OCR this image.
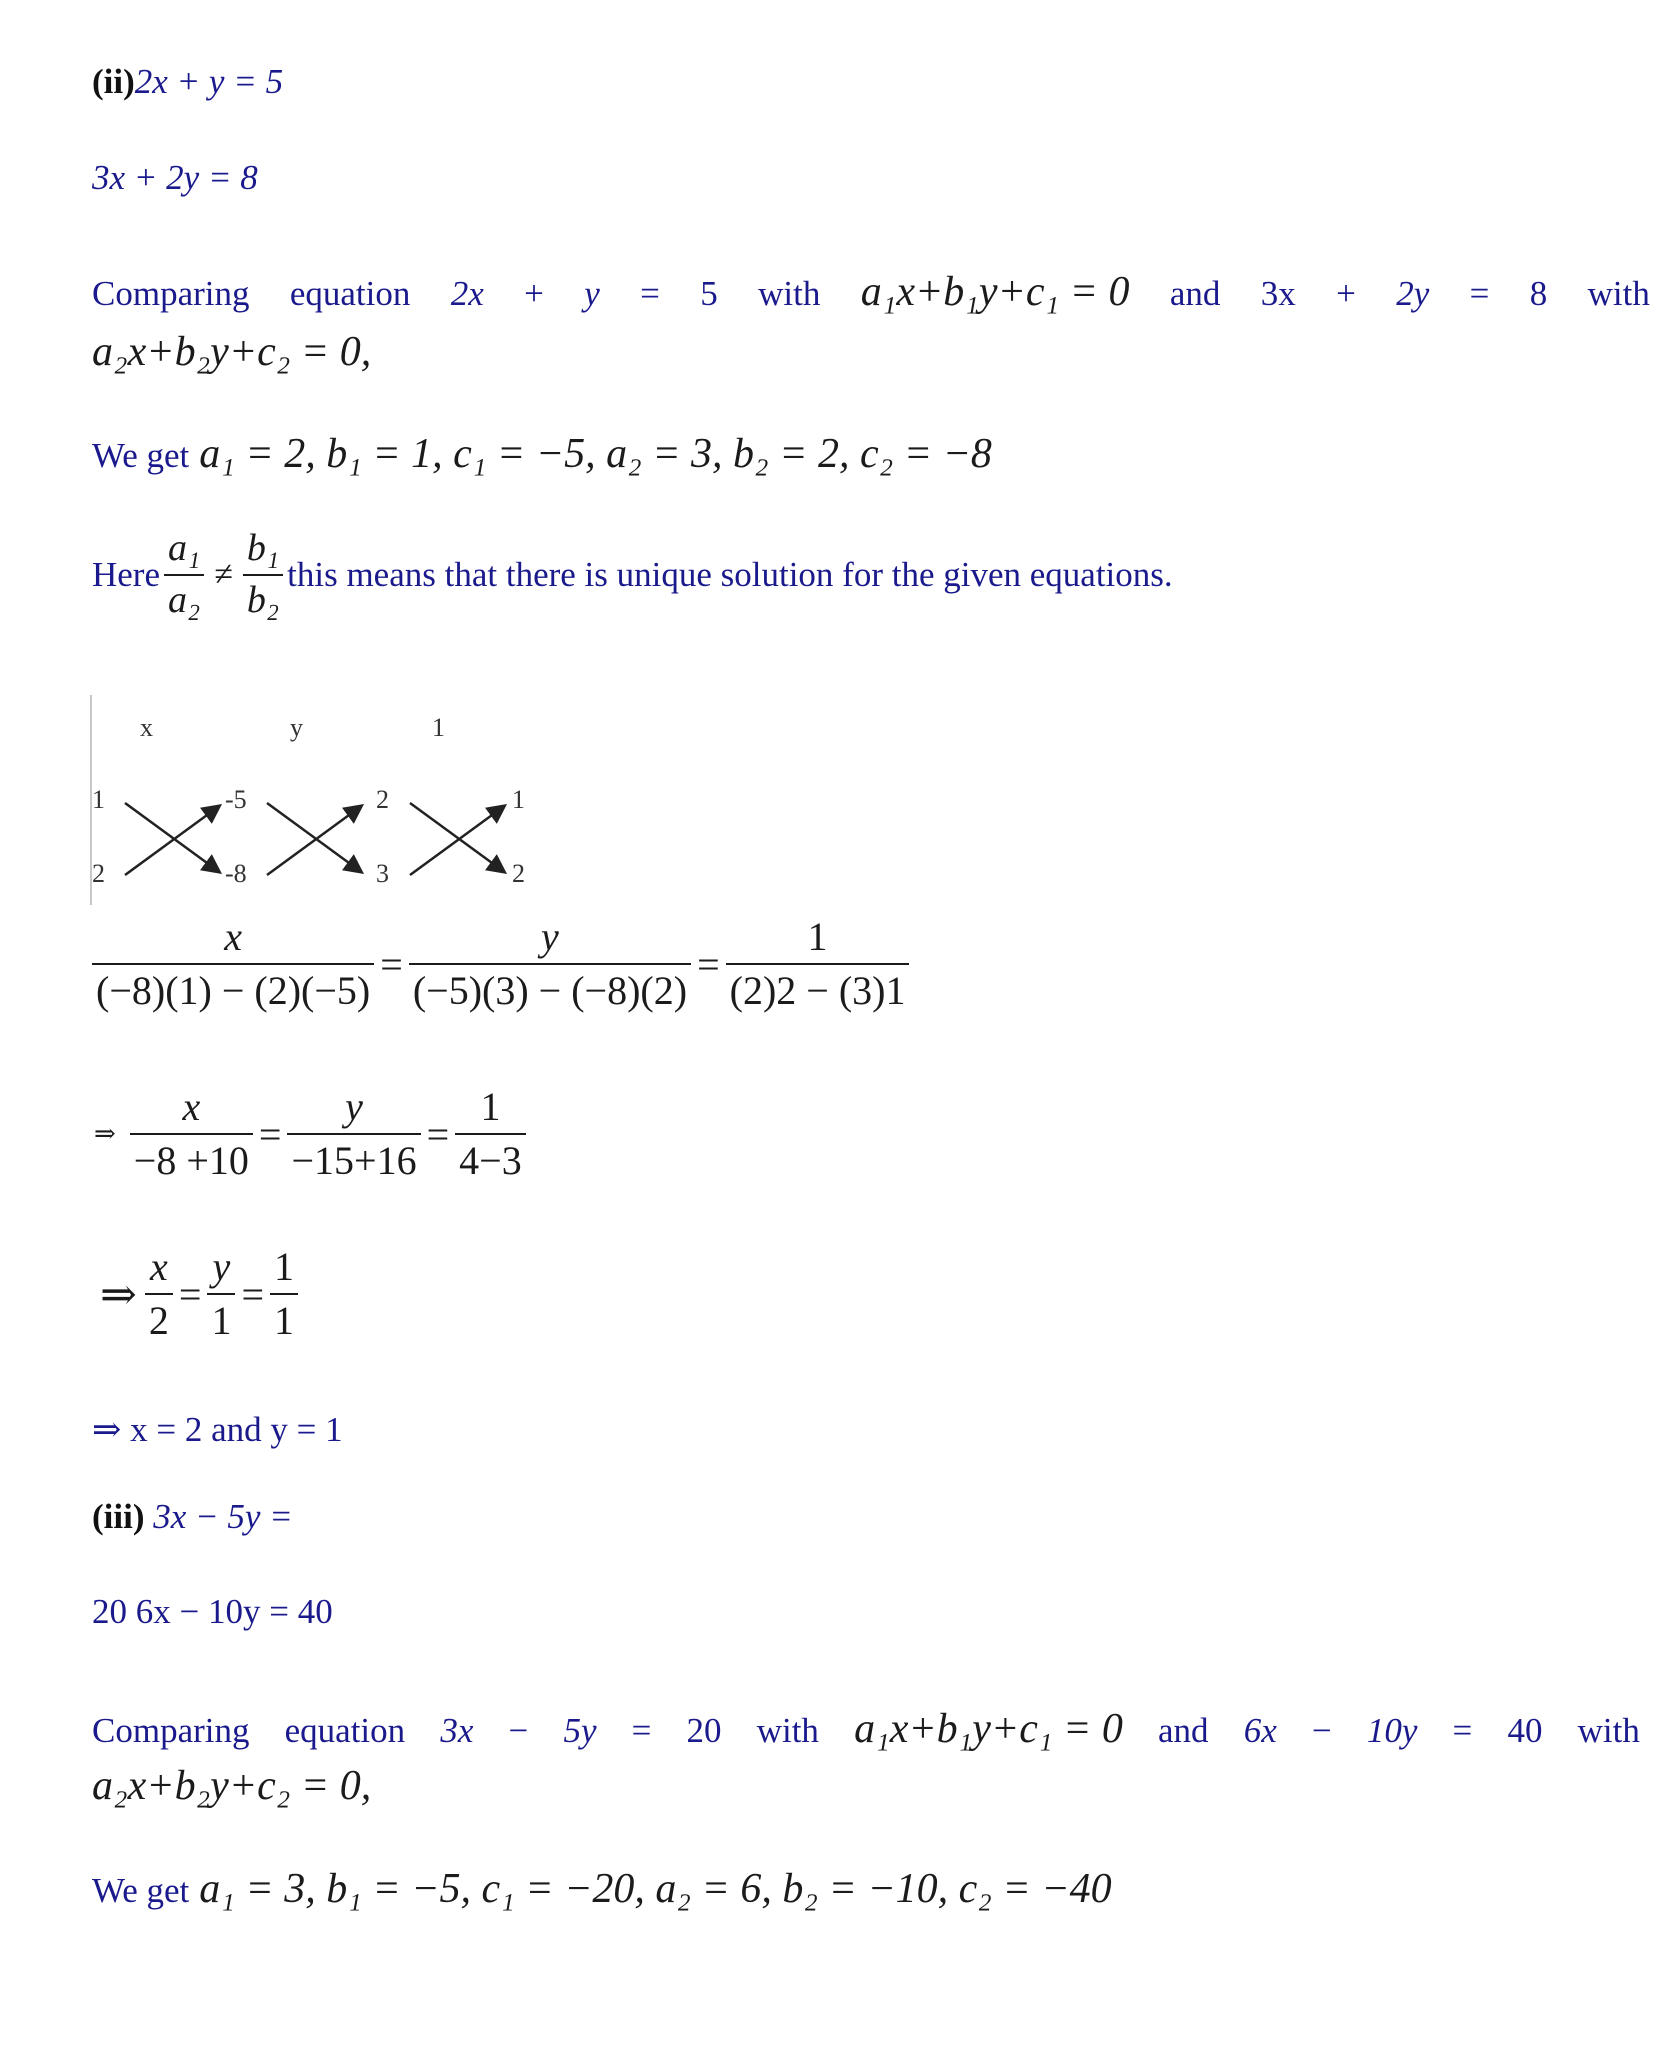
(ii)2x + y = 5
3x + 2y = 8
Comparing equation 2x + y = 5 with a₁x+b₁y+c₁ = 0 and 3x + 2y = 8 with
a₂x+b₂y+c₂ = 0,
We get a₁ = 2, b₁ = 1, c₁ = −5, a₂ = 3, b₂ = 2, c₂ = −8
Here $\frac{\text{a₁}}{\text{a₂}} \ne \frac{\text{b₁}}{\text{b₂}}$ this means that there is unique solution for the given equations.
x	y	1
1
2
-5
-8
2
3
1
2
$\frac{x}{(-8)(1) - (2)(-5)} = \frac{y}{(-5)(3) - (-8)(2)} = \frac{1}{(2)2 - (3)1}$
⇒ $\frac{x}{-8 +10} = \frac{y}{-15+16} = \frac{1}{4-3}$
⇒ $\frac{x}{2} = \frac{y}{1} = \frac{1}{1}$
⇒ x = 2 and y = 1
(iii) 3x − 5y =
20 6x − 10y = 40
Comparing equation 3x − 5y = 20 with a₁x+b₁y+c₁ = 0 and 6x − 10y = 40 with
a₂x+b₂y+c₂ = 0,
We get a₁ = 3, b₁ = −5, c₁ = −20, a₂ = 6, b₂ = −10, c₂ = −40
